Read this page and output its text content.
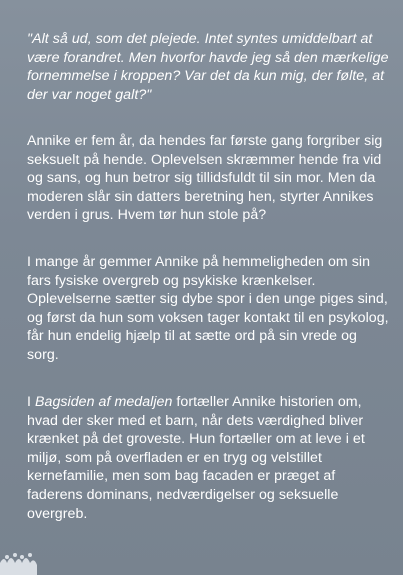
"Alt så ud, som det plejede. Intet syntes umiddelbart at være forandret. Men hvorfor havde jeg så den mærkelige fornemmelse i kroppen? Var det da kun mig, der følte, at der var noget galt?"

Annike er fem år, da hendes far første gang forgriber sig seksuelt på hende. Oplevelsen skræmmer hende fra vid og sans, og hun betror sig tillidsfuldt til sin mor. Men da moderen slår sin datters beretning hen, styrter Annikes verden i grus. Hvem tør hun stole på?

I mange år gemmer Annike på hemmeligheden om sin fars fysiske overgreb og psykiske krænkelser. Oplevelserne sætter sig dybe spor i den unge piges sind, og først da hun som voksen tager kontakt til en psykolog, får hun endelig hjælp til at sætte ord på sin vrede og sorg.

I Bagsiden af medaljen fortæller Annike historien om, hvad der sker med et barn, når dets værdighed bliver krænket på det groveste. Hun fortæller om at leve i et miljø, som på overfladen er en tryg og velstillet kernefamilie, men som bag facaden er præget af faderens dominans, nedværdigelser og seksuelle overgreb.
